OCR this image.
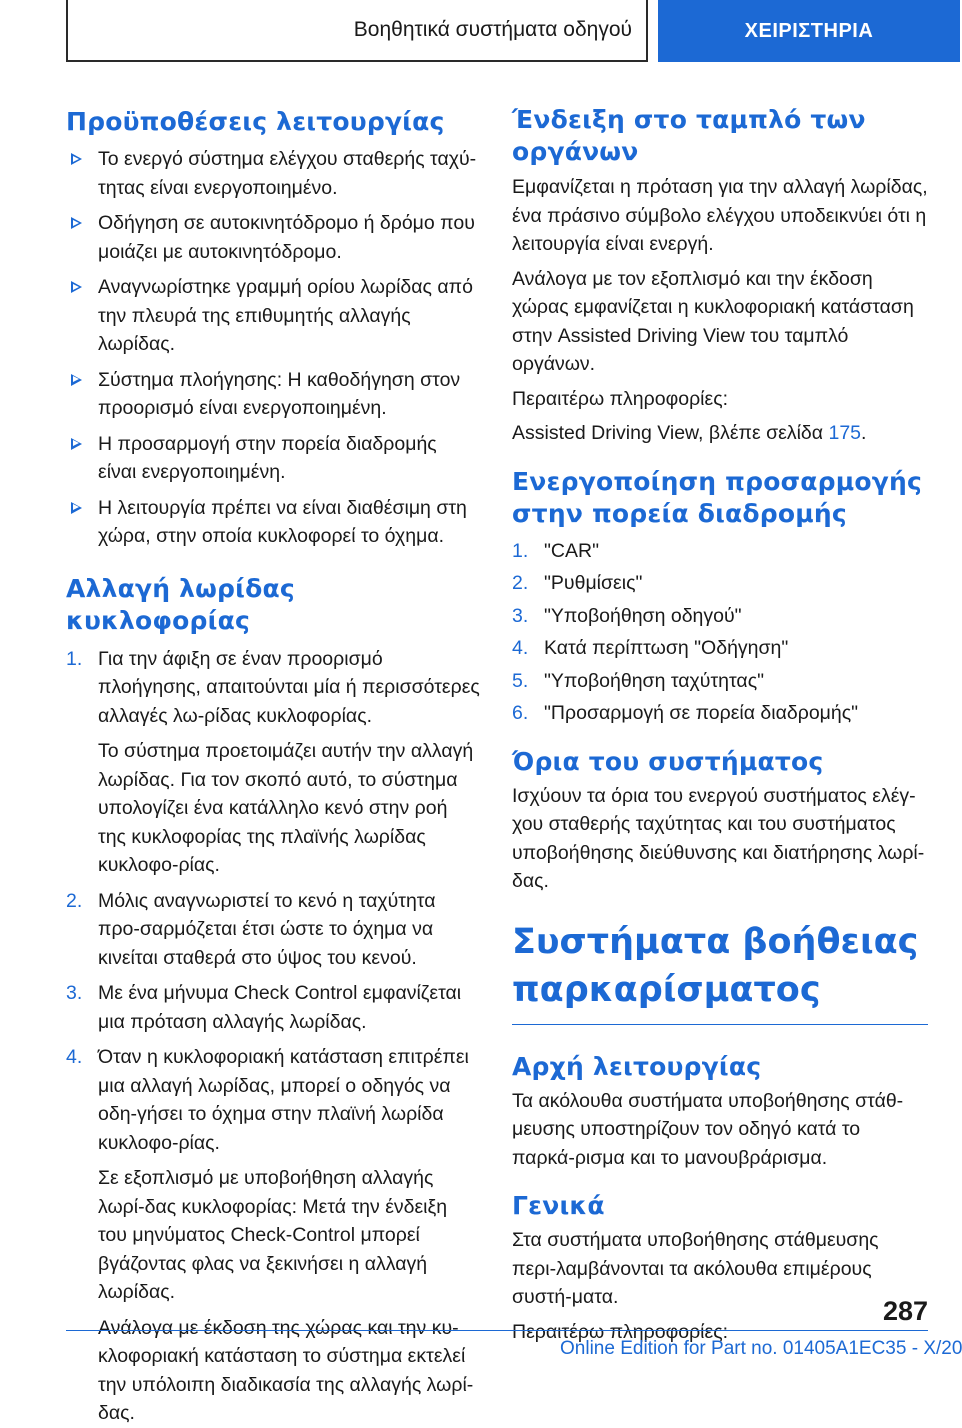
Βοηθητικά συστήματα οδηγού	ΧΕΙΡΙΣΤΗΡΙΑ
Προϋποθέσεις λειτουργίας
Το ενεργό σύστημα ελέγχου σταθερής ταχύ-τητας είναι ενεργοποιημένο.
Οδήγηση σε αυτοκινητόδρομο ή δρόμο που μοιάζει με αυτοκινητόδρομο.
Αναγνωρίστηκε γραμμή ορίου λωρίδας από την πλευρά της επιθυμητής αλλαγής λωρίδας.
Σύστημα πλοήγησης: Η καθοδήγηση στον προορισμό είναι ενεργοποιημένη.
Η προσαρμογή στην πορεία διαδρομής είναι ενεργοποιημένη.
Η λειτουργία πρέπει να είναι διαθέσιμη στη χώρα, στην οποία κυκλοφορεί το όχημα.
Αλλαγή λωρίδας κυκλοφορίας
1. Για την άφιξη σε έναν προορισμό πλοήγησης, απαιτούνται μία ή περισσότερες αλλαγές λω-ρίδας κυκλοφορίας.
Το σύστημα προετοιμάζει αυτήν την αλλαγή λωρίδας. Για τον σκοπό αυτό, το σύστημα υπολογίζει ένα κατάλληλο κενό στην ροή της κυκλοφορίας της πλαϊνής λωρίδας κυκλοφο-ρίας.
2. Μόλις αναγνωριστεί το κενό η ταχύτητα προ-σαρμόζεται έτσι ώστε το όχημα να κινείται σταθερά στο ύψος του κενού.
3. Με ένα μήνυμα Check Control εμφανίζεται μια πρόταση αλλαγής λωρίδας.
4. Όταν η κυκλοφοριακή κατάσταση επιτρέπει μια αλλαγή λωρίδας, μπορεί ο οδηγός να οδη-γήσει το όχημα στην πλαϊνή λωρίδα κυκλοφο-ρίας.
Σε εξοπλισμό με υποβοήθηση αλλαγής λωρί-δας κυκλοφορίας: Μετά την ένδειξη του μηνύματος Check-Control μπορεί βγάζοντας φλας να ξεκινήσει η αλλαγή λωρίδας.
Ανάλογα με έκδοση της χώρας και την κυ-κλοφοριακή κατάσταση το σύστημα εκτελεί την υπόλοιπη διαδικασία της αλλαγής λωρί-δας.
Ένδειξη στο ταμπλό των οργάνων

Εμφανίζεται η πρόταση για την αλλαγή λωρίδας, ένα πράσινο σύμβολο ελέγχου υποδεικνύει ότι η λειτουργία είναι ενεργή.

Ανάλογα με τον εξοπλισμό και την έκδοση χώρας εμφανίζεται η κυκλοφοριακή κατάσταση στην Assisted Driving View του ταμπλό οργάνων.

Περαιτέρω πληροφορίες:

Assisted Driving View, βλέπε σελίδα 175.

Ενεργοποίηση προσαρμογής στην πορεία διαδρομής
1. "CAR"
2. "Ρυθμίσεις"
3. "Υποβοήθηση οδηγού"
4. Κατά περίπτωση "Οδήγηση"
5. "Υποβοήθηση ταχύτητας"
6. "Προσαρμογή σε πορεία διαδρομής"
Όρια του συστήματος

Ισχύουν τα όρια του ενεργού συστήματος ελέγ-χου σταθερής ταχύτητας και του συστήματος υποβοήθησης διεύθυνσης και διατήρησης λωρί-δας.

Συστήματα βοήθειας παρκαρίσματος
Αρχή λειτουργίας

Τα ακόλουθα συστήματα υποβοήθησης στάθ-μευσης υποστηρίζουν τον οδηγό κατά το παρκά-ρισμα και το μανουβράρισμα.

Γενικά

Στα συστήματα υποβοήθησης στάθμευσης περι-λαμβάνονται τα ακόλουθα επιμέρους συστή-ματα.

Περαιτέρω πληροφορίες:

287
Online Edition for Part no. 01405A1EC35 - X/20
